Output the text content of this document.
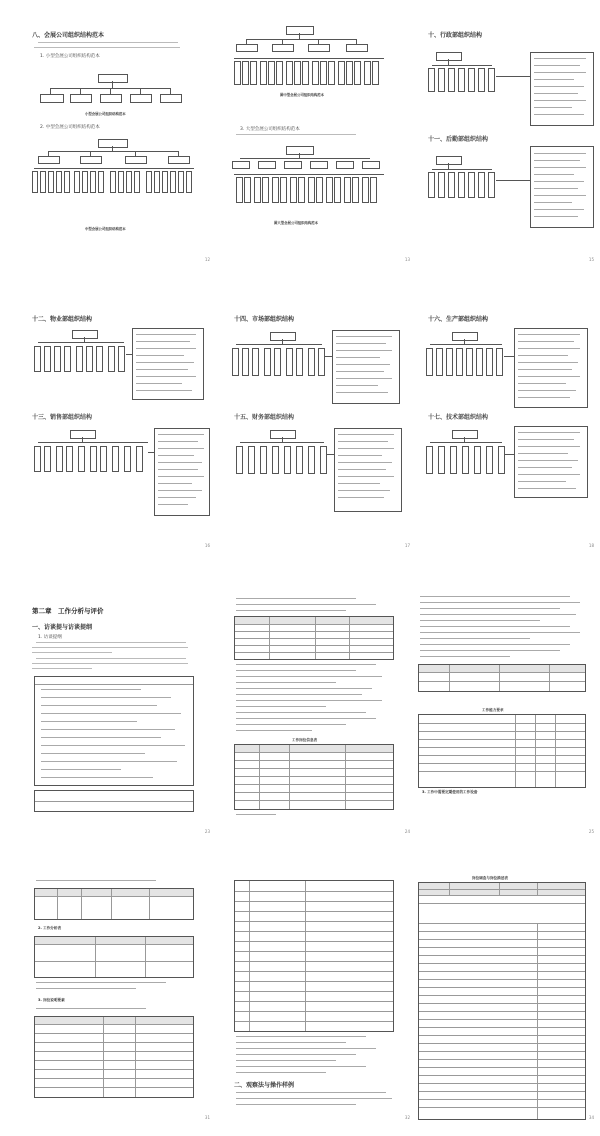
八、会展公司组织结构范本
1. 小型会展公司组织结构范本
小型会展公司组织结构范本
2. 中型会展公司组织结构范本
中型会展公司组织结构范本
12
图中型会展公司组织结构范本
3. 大型会展公司组织结构范本
图大型会展公司组织结构范本
13
十、行政部组织结构
十一、后勤部组织结构
15
十二、物业部组织结构
十三、销售部组织结构
16
十四、市场部组织结构
十五、财务部组织结构
17
十六、生产部组织结构
十七、技术部组织结构
18
第二章　工作分析与评价
一、访谈提与访谈提纲
1. 访谈提纲
23
工作岗位信息表
24
工作能力要求
3. 工作中需要定期使用的工作设备
25
2. 工作分析表
3. 岗位说明要素
31
二、观察法与操作样例
32
岗位调查与岗位描述表
34
